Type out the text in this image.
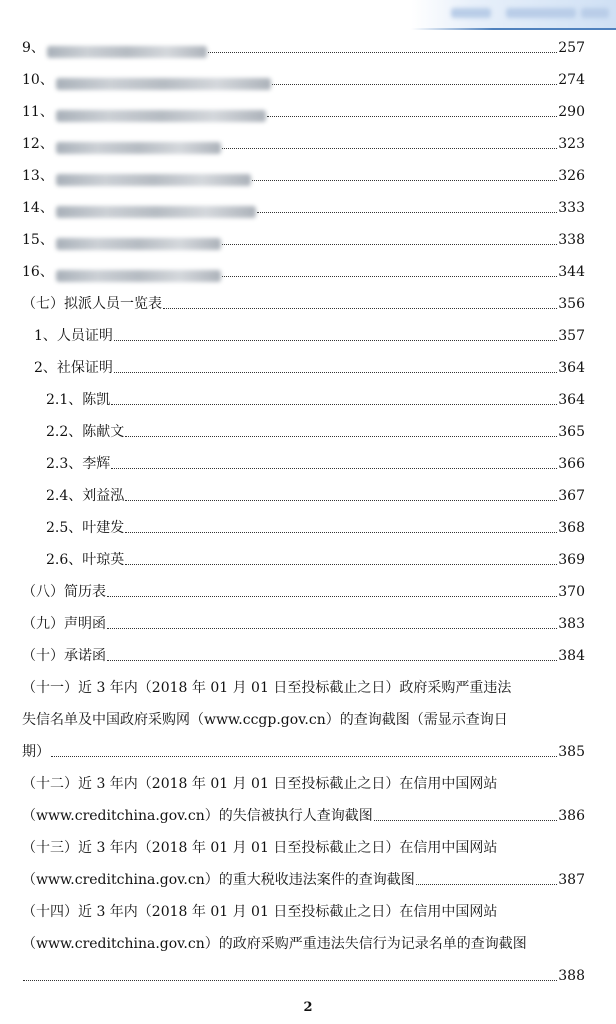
9、	257
10、	274
11、	290
12、	323
13、	326
14、	333
15、	338
16、	344
（七）拟派人员一览表	356
1、人员证明	357
2、社保证明	364
2.1、陈凯	364
2.2、陈献文	365
2.3、李辉	366
2.4、刘益泓	367
2.5、叶建发	368
2.6、叶琼英	369
（八）简历表	370
（九）声明函	383
（十）承诺函	384
（十一）近 3 年内（2018 年 01 月 01 日至投标截止之日）政府采购严重违法
失信名单及中国政府采购网（www.ccgp.gov.cn）的查询截图（需显示查询日
期）	385
（十二）近 3 年内（2018 年 01 月 01 日至投标截止之日）在信用中国网站
（www.creditchina.gov.cn）的失信被执行人查询截图	386
（十三）近 3 年内（2018 年 01 月 01 日至投标截止之日）在信用中国网站
（www.creditchina.gov.cn）的重大税收违法案件的查询截图	387
（十四）近 3 年内（2018 年 01 月 01 日至投标截止之日）在信用中国网站
（www.creditchina.gov.cn）的政府采购严重违法失信行为记录名单的查询截图
388
2
